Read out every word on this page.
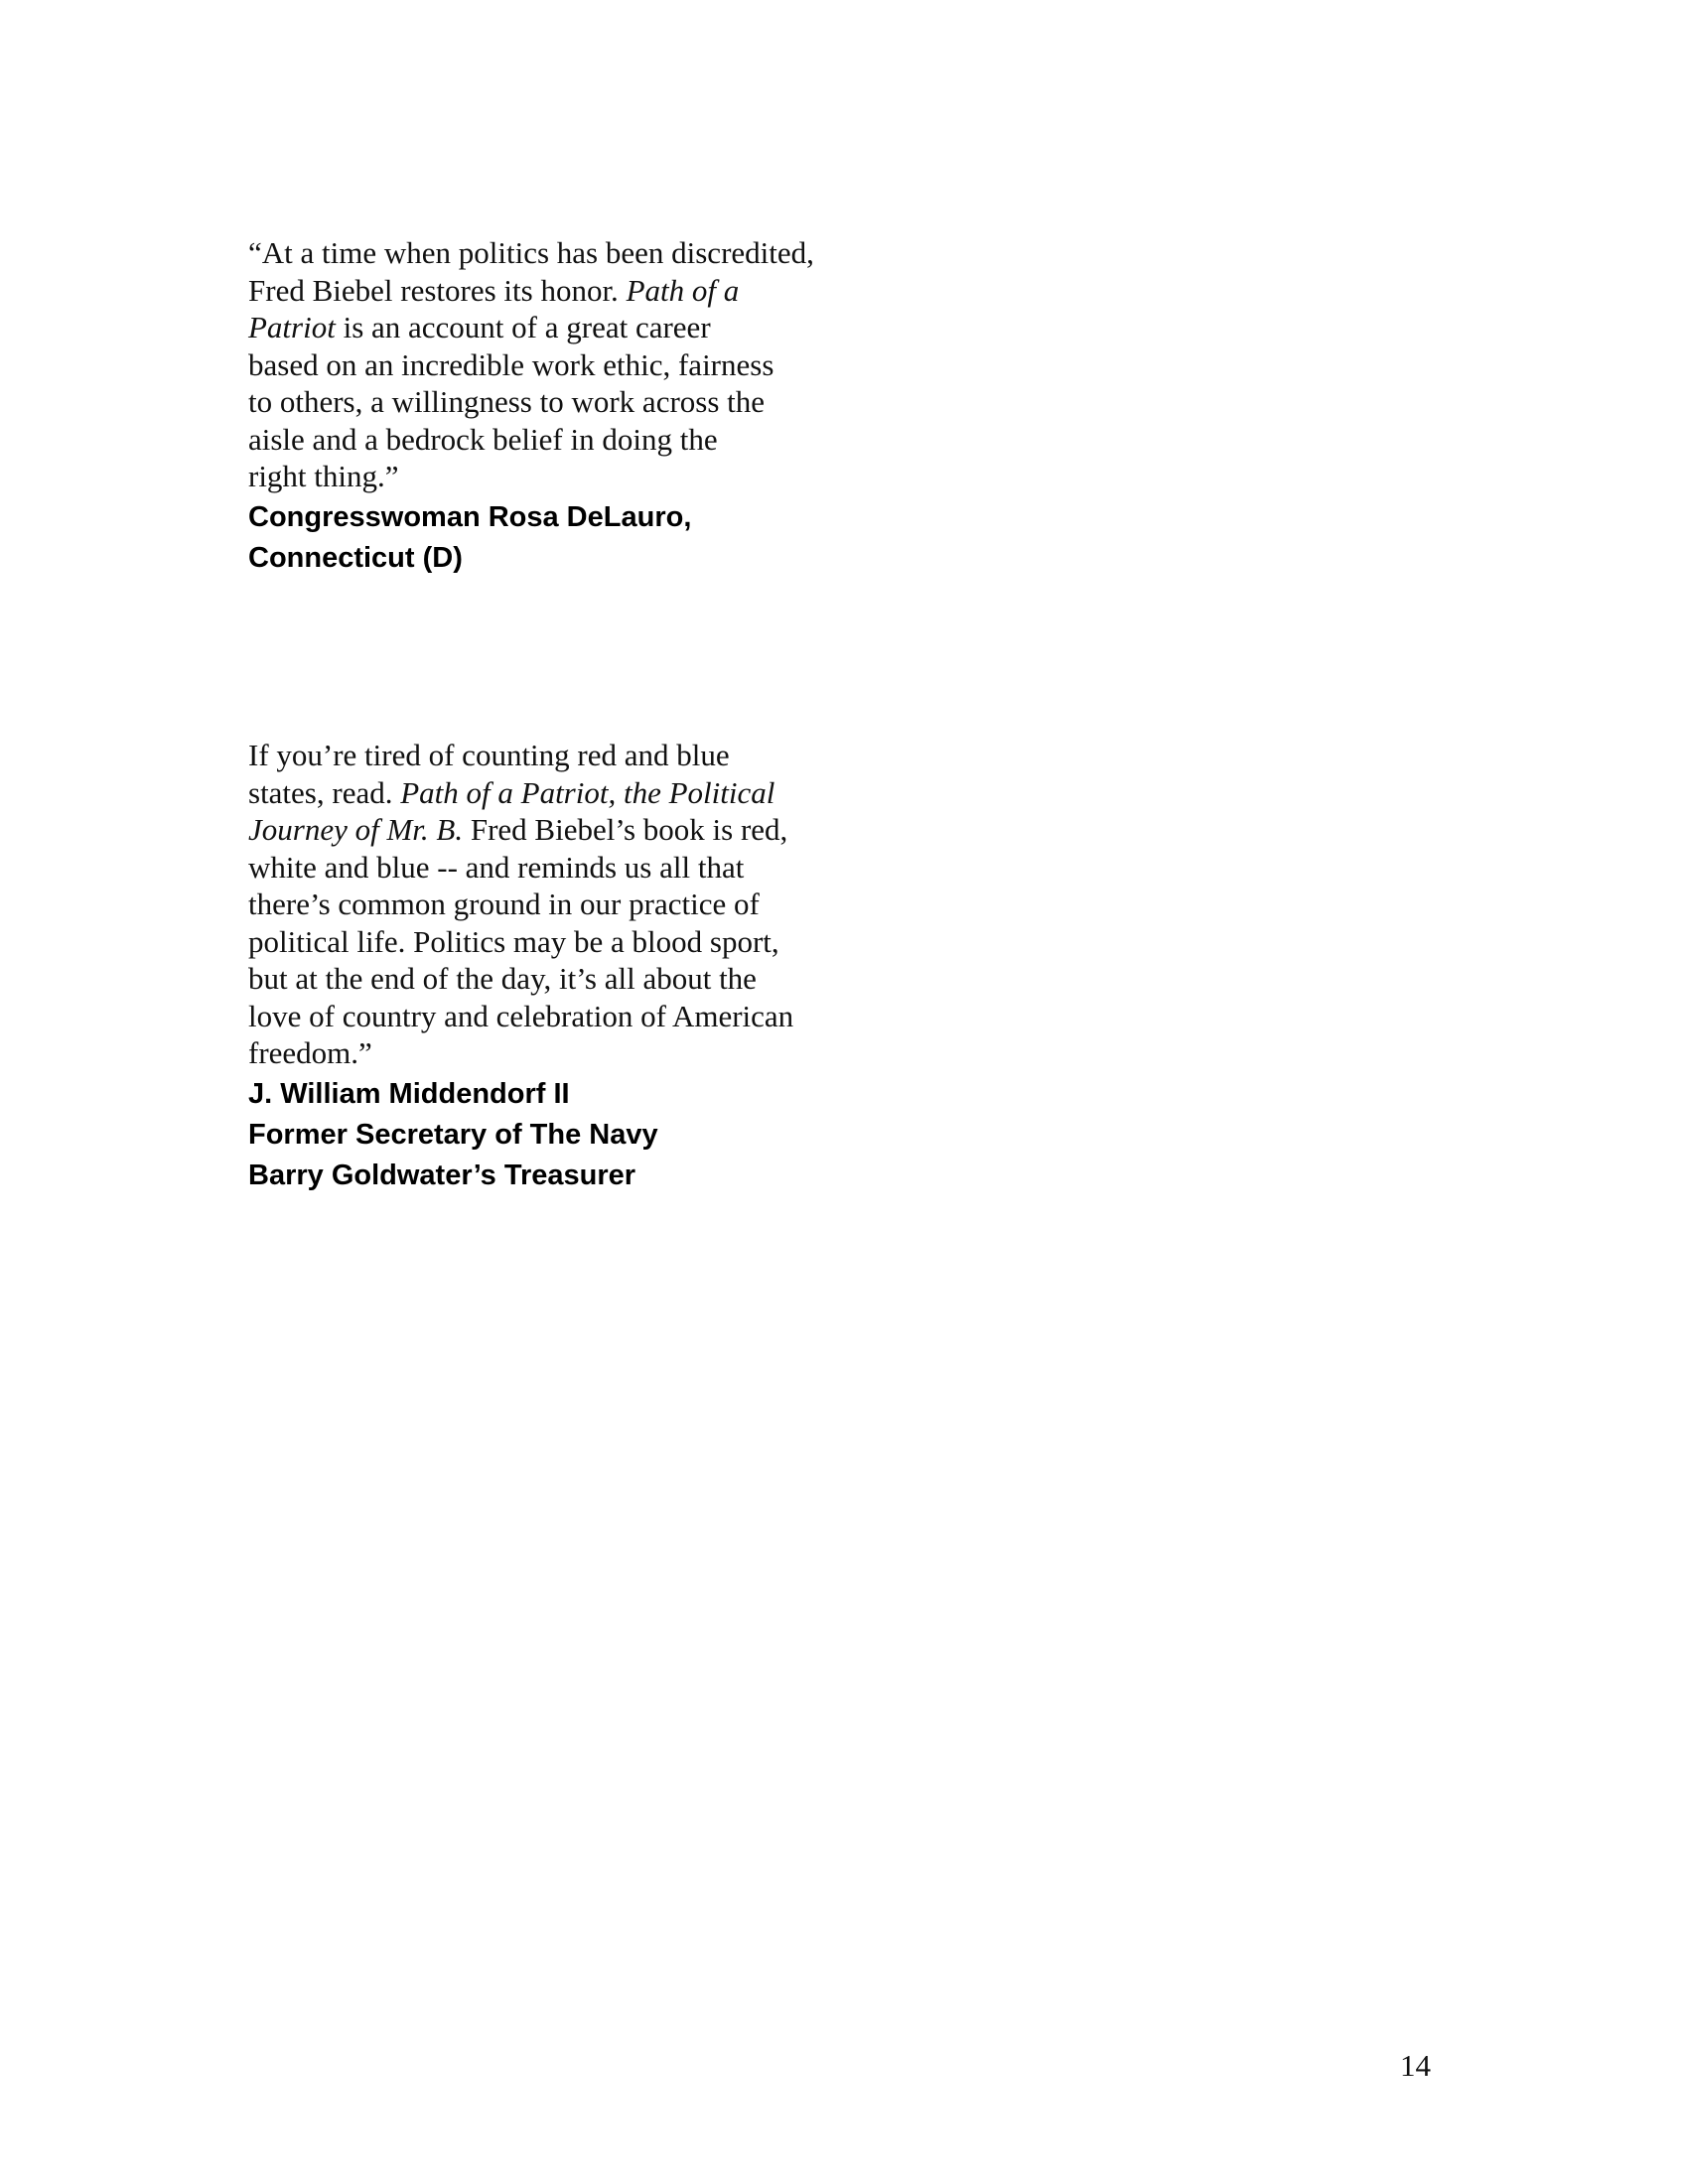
“At a time when politics has been discredited,
Fred Biebel restores its honor. Path of a
Patriot is an account of a great career
based on an incredible work ethic, fairness
to others, a willingness to work across the
aisle and a bedrock belief in doing the
right thing.”
Congresswoman Rosa DeLauro,
Connecticut (D)
If you’re tired of counting red and blue
states, read. Path of a Patriot, the Political
Journey of Mr. B. Fred Biebel’s book is red,
white and blue -- and reminds us all that
there’s common ground in our practice of
political life. Politics may be a blood sport,
but at the end of the day, it’s all about the
love of country and celebration of American
freedom.”
J. William Middendorf II
Former Secretary of The Navy
Barry Goldwater’s Treasurer
14
